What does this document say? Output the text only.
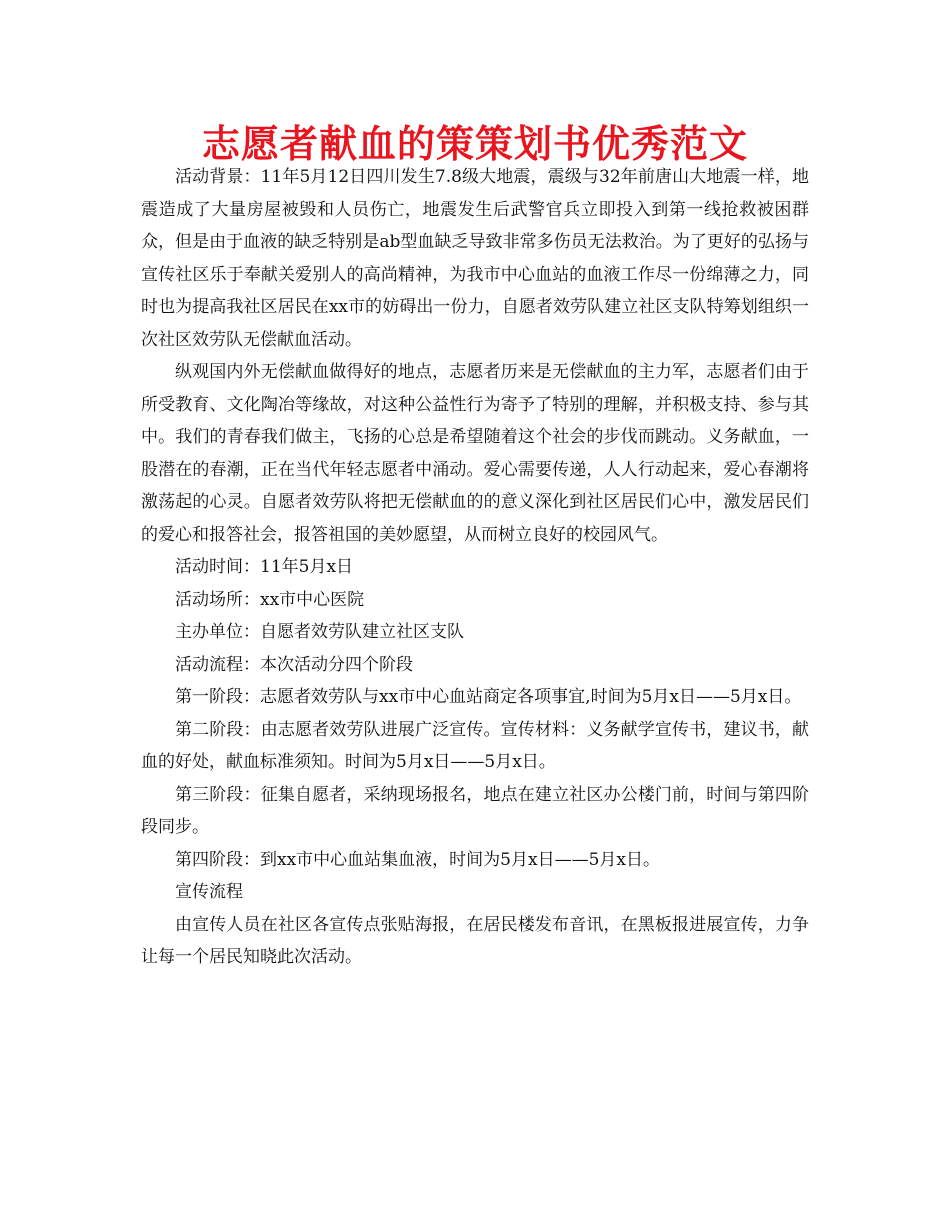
志愿者献血的策策划书优秀范文

活动背景：11年5月12日四川发生7.8级大地震，震级与32年前唐山大地震一样，地震造成了大量房屋被毁和人员伤亡，地震发生后武警官兵立即投入到第一线抢救被困群众，但是由于血液的缺乏特别是ab型血缺乏导致非常多伤员无法救治。为了更好的弘扬与宣传社区乐于奉献关爱别人的高尚精神，为我市中心血站的血液工作尽一份绵薄之力，同时也为提高我社区居民在xx市的妨碍出一份力，自愿者效劳队建立社区支队特筹划组织一次社区效劳队无偿献血活动。

纵观国内外无偿献血做得好的地点，志愿者历来是无偿献血的主力军，志愿者们由于所受教育、文化陶冶等缘故，对这种公益性行为寄予了特别的理解，并积极支持、参与其中。我们的青春我们做主，飞扬的心总是希望随着这个社会的步伐而跳动。义务献血，一股潜在的春潮，正在当代年轻志愿者中涌动。爱心需要传递，人人行动起来，爱心春潮将激荡起的心灵。自愿者效劳队将把无偿献血的的意义深化到社区居民们心中，激发居民们的爱心和报答社会，报答祖国的美妙愿望，从而树立良好的校园风气。

活动时间：11年5月x日

活动场所：xx市中心医院

主办单位：自愿者效劳队建立社区支队

活动流程：本次活动分四个阶段

第一阶段：志愿者效劳队与xx市中心血站商定各项事宜,时间为5月x日——5月x日。

第二阶段：由志愿者效劳队进展广泛宣传。宣传材料：义务献学宣传书，建议书，献血的好处，献血标准须知。时间为5月x日——5月x日。

第三阶段：征集自愿者，采纳现场报名，地点在建立社区办公楼门前，时间与第四阶段同步。

第四阶段：到xx市中心血站集血液，时间为5月x日——5月x日。

宣传流程

由宣传人员在社区各宣传点张贴海报，在居民楼发布音讯，在黑板报进展宣传，力争让每一个居民知晓此次活动。
